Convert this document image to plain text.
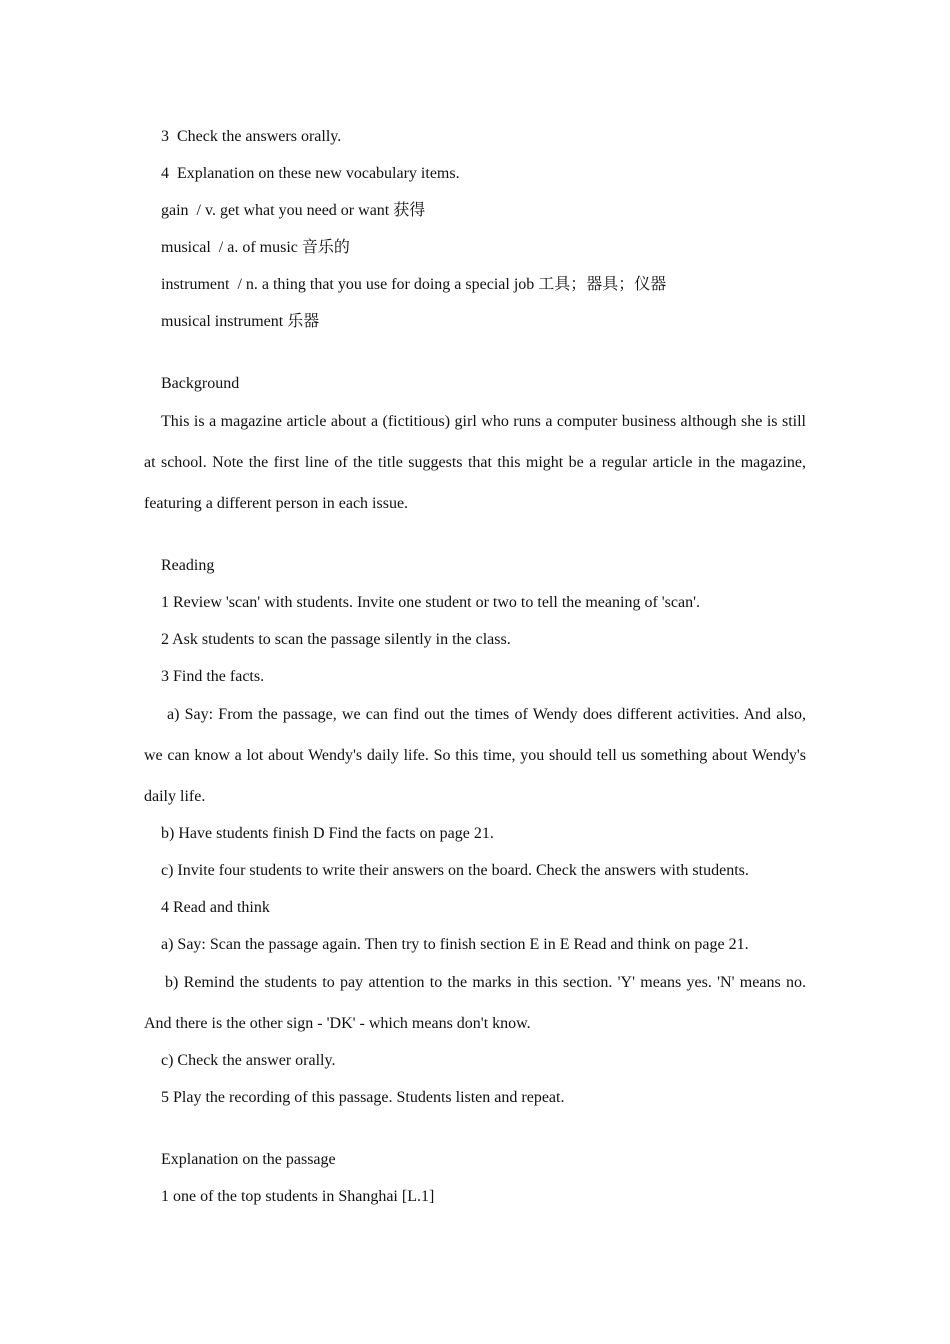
3  Check the answers orally.
4  Explanation on these new vocabulary items.
gain  / v. get what you need or want 获得
musical  / a. of music 音乐的
instrument  / n. a thing that you use for doing a special job 工具；器具；仪器
musical instrument 乐器
Background
This is a magazine article about a (fictitious) girl who runs a computer business although she is still at school. Note the first line of the title suggests that this might be a regular article in the magazine, featuring a different person in each issue.
Reading
1 Review 'scan' with students. Invite one student or two to tell the meaning of 'scan'.
2 Ask students to scan the passage silently in the class.
3 Find the facts.
a) Say: From the passage, we can find out the times of Wendy does different activities. And also, we can know a lot about Wendy's daily life. So this time, you should tell us something about Wendy's daily life.
b) Have students finish D Find the facts on page 21.
c) Invite four students to write their answers on the board. Check the answers with students.
4 Read and think
a) Say: Scan the passage again. Then try to finish section E in E Read and think on page 21.
b) Remind the students to pay attention to the marks in this section. 'Y' means yes. 'N' means no. And there is the other sign - 'DK' - which means don't know.
c) Check the answer orally.
5 Play the recording of this passage. Students listen and repeat.
Explanation on the passage
1 one of the top students in Shanghai [L.1]
